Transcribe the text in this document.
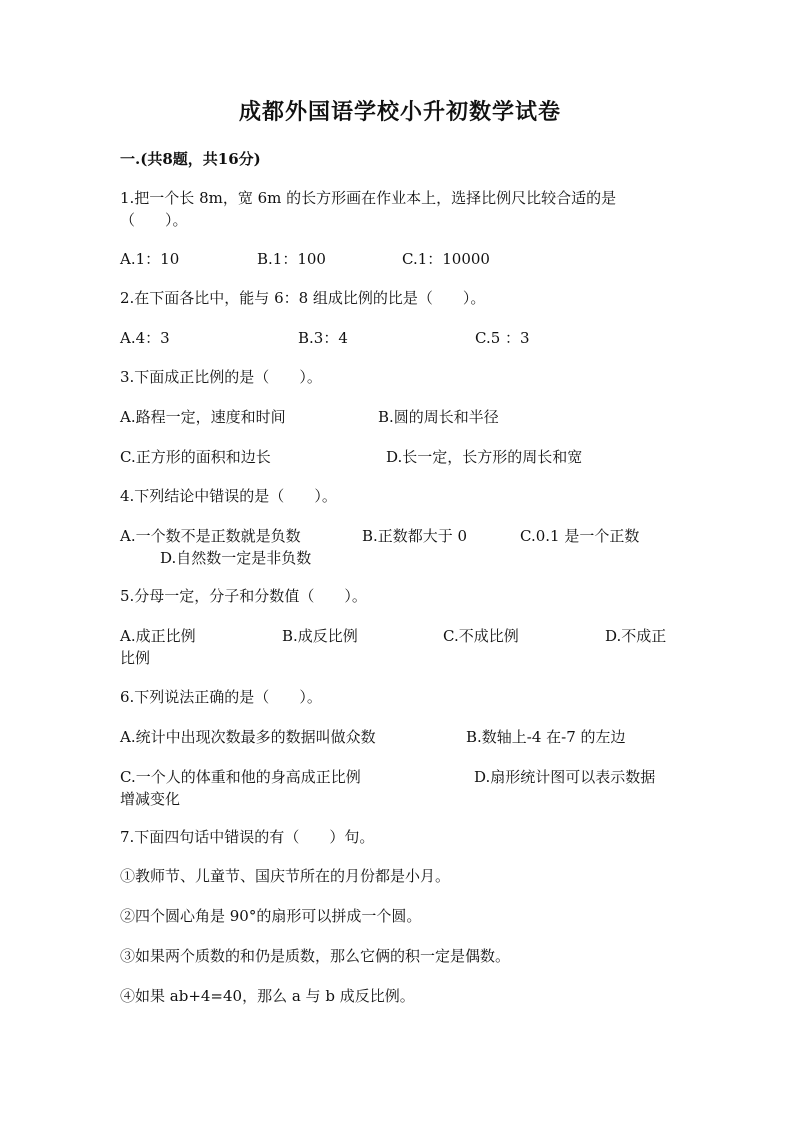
成都外国语学校小升初数学试卷
一.(共8题，共16分)
1.把一个长 8m，宽 6m 的长方形画在作业本上，选择比例尺比较合适的是
（　　）。
A.1：10	B.1：100	C.1：10000
2.在下面各比中，能与 6：8 组成比例的比是（　　）。
A.4：3	B.3：4	C.5 ：3
3.下面成正比例的是（　　）。
A.路程一定，速度和时间	B.圆的周长和半径
C.正方形的面积和边长	D.长一定，长方形的周长和宽
4.下列结论中错误的是（　　）。
A.一个数不是正数就是负数	B.正数都大于 0	C.0.1 是一个正数
D.自然数一定是非负数
5.分母一定，分子和分数值（　　）。
A.成正比例	B.成反比例	C.不成比例	D.不成正
比例
6.下列说法正确的是（　　）。
A.统计中出现次数最多的数据叫做众数	B.数轴上-4 在-7 的左边
C.一个人的体重和他的身高成正比例	D.扇形统计图可以表示数据
增减变化
7.下面四句话中错误的有（　　）句。
①教师节、儿童节、国庆节所在的月份都是小月。
②四个圆心角是 90°的扇形可以拼成一个圆。
③如果两个质数的和仍是质数，那么它俩的积一定是偶数。
④如果 ab+4=40，那么 a 与 b 成反比例。
